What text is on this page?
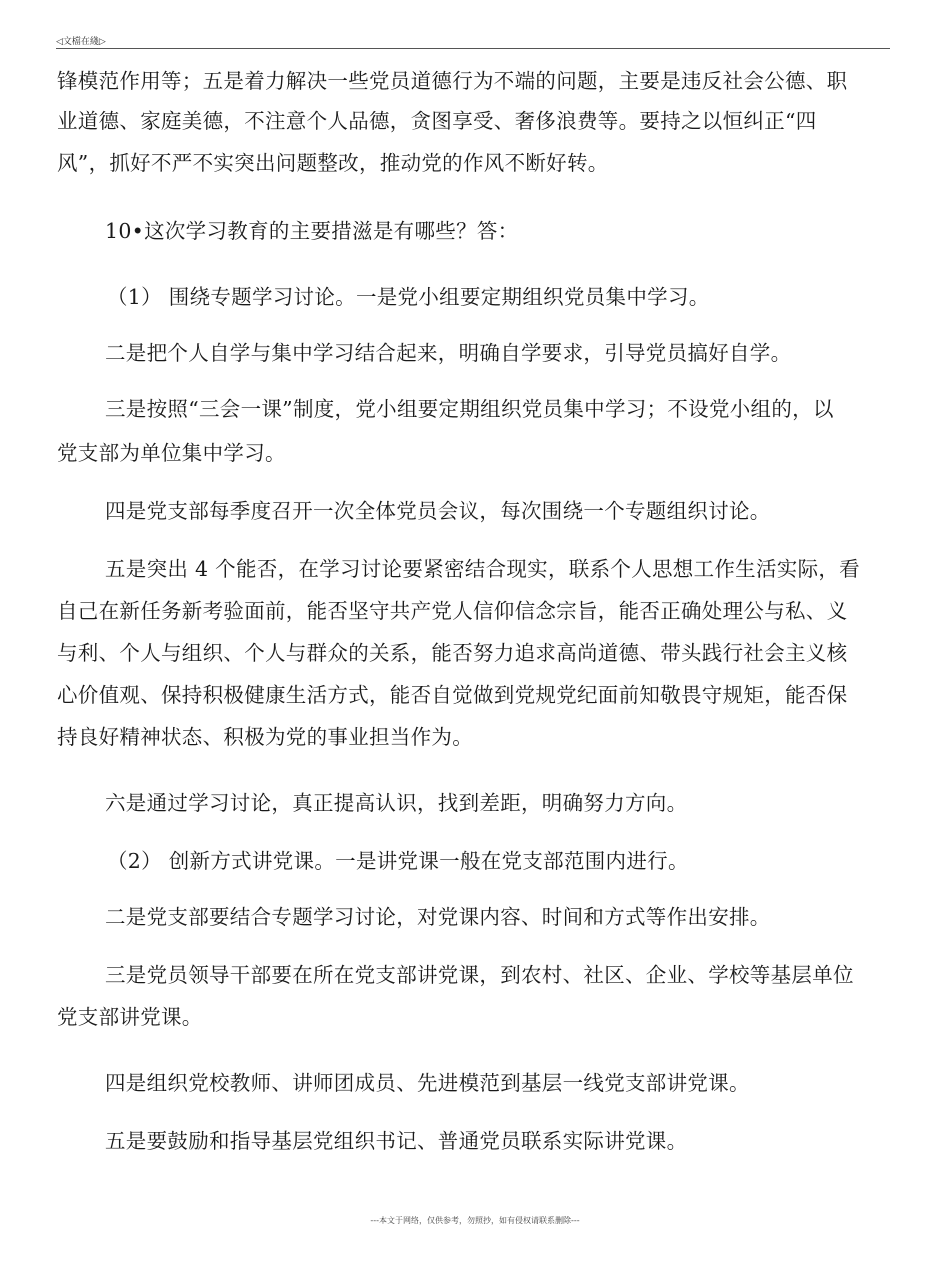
◁文檔在綫▷

锋模范作用等；五是着力解决一些党员道德行为不端的问题，主要是违反社会公德、职

业道德、家庭美德，不注意个人品德，贪图享受、奢侈浪费等。要持之以恒纠正“四

风”，抓好不严不实突出问题整改，推动党的作风不断好转。

10•这次学习教育的主要措滋是有哪些？答：

（1） 围绕专题学习讨论。一是党小组要定期组织党员集中学习。

二是把个人自学与集中学习结合起来，明确自学要求，引导党员搞好自学。

三是按照“三会一课”制度，党小组要定期组织党员集中学习；不设党小组的，以

党支部为单位集中学习。

四是党支部每季度召开一次全体党员会议，每次围绕一个专题组织讨论。

五是突出 4 个能否，在学习讨论要紧密结合现实，联系个人思想工作生活实际，看

自己在新任务新考验面前，能否坚守共产党人信仰信念宗旨，能否正确处理公与私、义

与利、个人与组织、个人与群众的关系，能否努力追求高尚道德、带头践行社会主义核

心价值观、保持积极健康生活方式，能否自觉做到党规党纪面前知敬畏守规矩，能否保

持良好精神状态、积极为党的事业担当作为。

六是通过学习讨论，真正提高认识，找到差距，明确努力方向。

（2） 创新方式讲党课。一是讲党课一般在党支部范围内进行。

二是党支部要结合专题学习讨论，对党课内容、时间和方式等作出安排。

三是党员领导干部要在所在党支部讲党课，到农村、社区、企业、学校等基层单位

党支部讲党课。

四是组织党校教师、讲师团成员、先进模范到基层一线党支部讲党课。

五是要鼓励和指导基层党组织书记、普通党员联系实际讲党课。

---本文于网络，仅供参考，勿照抄，如有侵权请联系删除---
